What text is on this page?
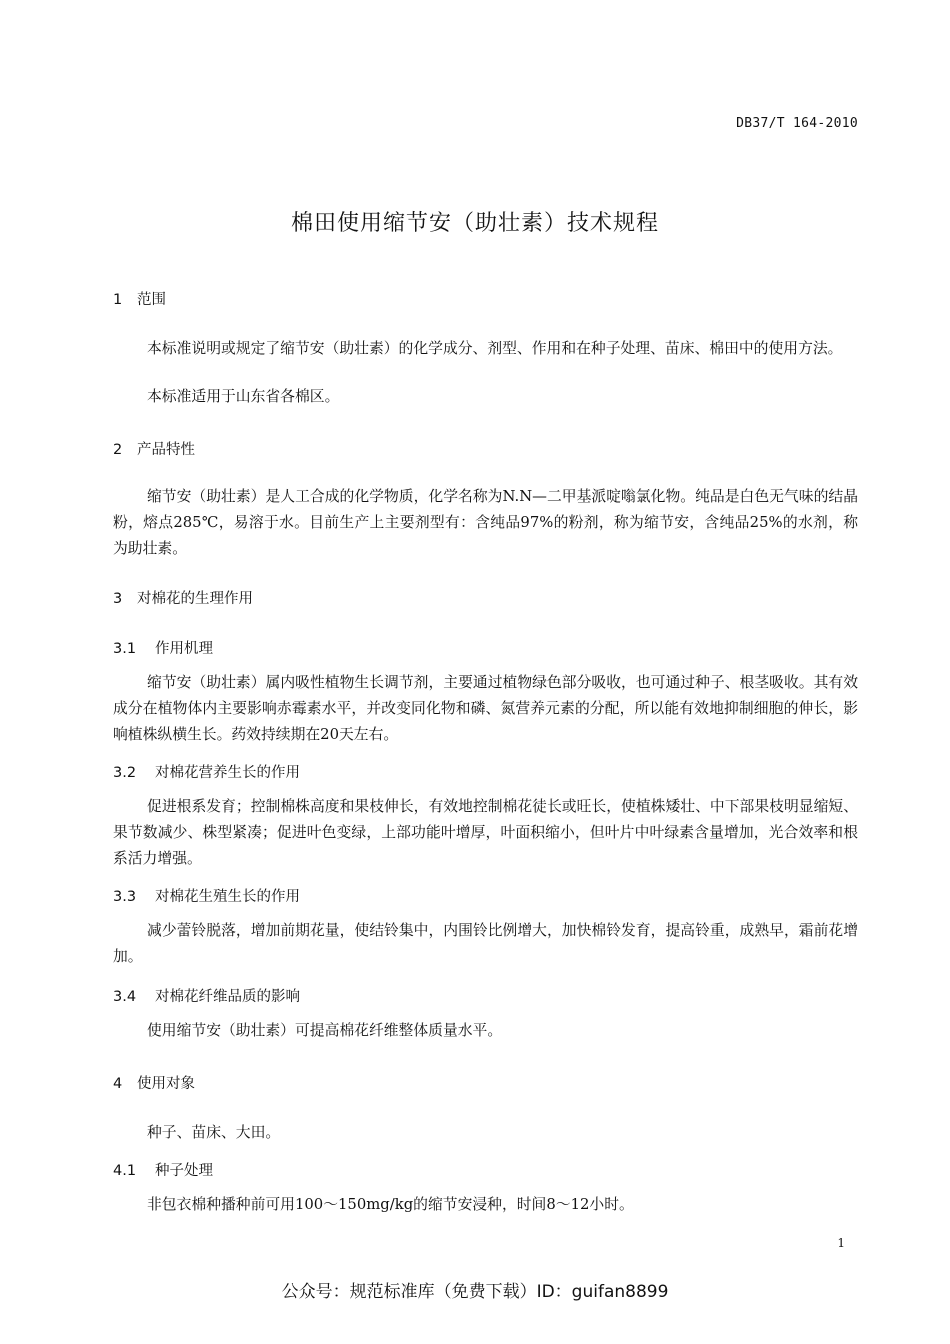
DB37/T 164-2010
棉田使用缩节安（助壮素）技术规程
1 范围

本标准说明或规定了缩节安（助壮素）的化学成分、剂型、作用和在种子处理、苗床、棉田中的使用方法。

本标准适用于山东省各棉区。

2 产品特性

缩节安（助壮素）是人工合成的化学物质，化学名称为N.N—二甲基派啶嗡氯化物。纯品是白色无气味的结晶粉，熔点285℃，易溶于水。目前生产上主要剂型有：含纯品97%的粉剂，称为缩节安，含纯品25%的水剂，称为助壮素。

3 对棉花的生理作用
3.1 作用机理

缩节安（助壮素）属内吸性植物生长调节剂，主要通过植物绿色部分吸收，也可通过种子、根茎吸收。其有效成分在植物体内主要影响赤霉素水平，并改变同化物和磷、氮营养元素的分配，所以能有效地抑制细胞的伸长，影响植株纵横生长。药效持续期在20天左右。

3.2 对棉花营养生长的作用

促进根系发育；控制棉株高度和果枝伸长，有效地控制棉花徒长或旺长，使植株矮壮、中下部果枝明显缩短、果节数减少、株型紧凑；促进叶色变绿，上部功能叶增厚，叶面积缩小，但叶片中叶绿素含量增加，光合效率和根系活力增强。

3.3 对棉花生殖生长的作用

减少蕾铃脱落，增加前期花量，使结铃集中，内围铃比例增大，加快棉铃发育，提高铃重，成熟早，霜前花增加。

3.4 对棉花纤维品质的影响

使用缩节安（助壮素）可提高棉花纤维整体质量水平。

4 使用对象

种子、苗床、大田。

4.1 种子处理

非包衣棉种播种前可用100～150mg/kg的缩节安浸种，时间8～12小时。

1
公众号：规范标准库（免费下载）ID：guifan8899
